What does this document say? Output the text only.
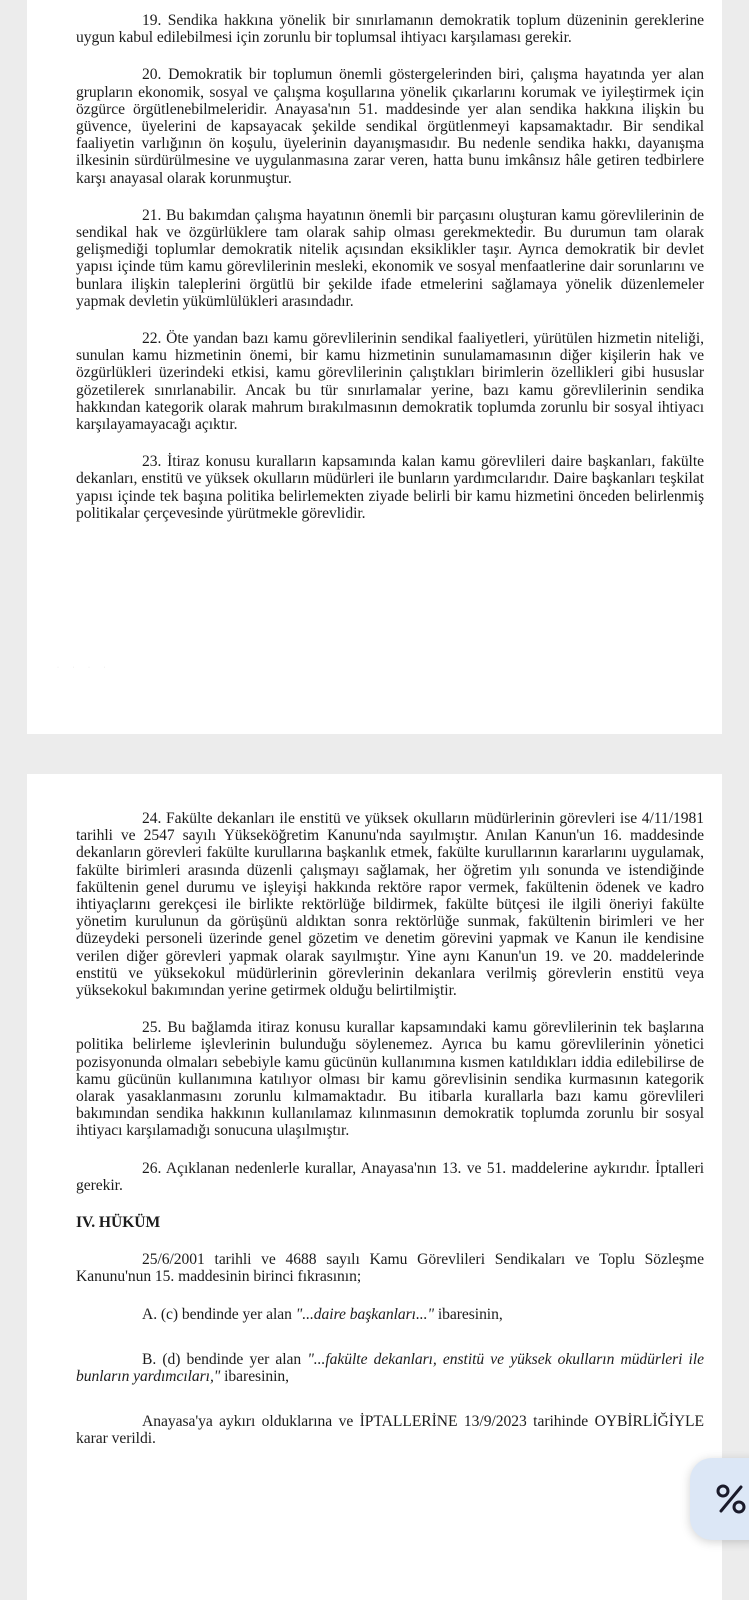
19. Sendika hakkına yönelik bir sınırlamanın demokratik toplum düzeninin gereklerine uygun kabul edilebilmesi için zorunlu bir toplumsal ihtiyacı karşılaması gerekir.

20. Demokratik bir toplumun önemli göstergelerinden biri, çalışma hayatında yer alan grupların ekonomik, sosyal ve çalışma koşullarına yönelik çıkarlarını korumak ve iyileştirmek için özgürce örgütlenebilmeleridir. Anayasa'nın 51. maddesinde yer alan sendika hakkına ilişkin bu güvence, üyelerini de kapsayacak şekilde sendikal örgütlenmeyi kapsamaktadır. Bir sendikal faaliyetin varlığının ön koşulu, üyelerinin dayanışmasıdır. Bu nedenle sendika hakkı, dayanışma ilkesinin sürdürülmesine ve uygulanmasına zarar veren, hatta bunu imkânsız hâle getiren tedbirlere karşı anayasal olarak korunmuştur.

21. Bu bakımdan çalışma hayatının önemli bir parçasını oluşturan kamu görevlilerinin de sendikal hak ve özgürlüklere tam olarak sahip olması gerekmektedir. Bu durumun tam olarak gelişmediği toplumlar demokratik nitelik açısından eksiklikler taşır. Ayrıca demokratik bir devlet yapısı içinde tüm kamu görevlilerinin mesleki, ekonomik ve sosyal menfaatlerine dair sorunlarını ve bunlara ilişkin taleplerini örgütlü bir şekilde ifade etmelerini sağlamaya yönelik düzenlemeler yapmak devletin yükümlülükleri arasındadır.

22. Öte yandan bazı kamu görevlilerinin sendikal faaliyetleri, yürütülen hizmetin niteliği, sunulan kamu hizmetinin önemi, bir kamu hizmetinin sunulamamasının diğer kişilerin hak ve özgürlükleri üzerindeki etkisi, kamu görevlilerinin çalıştıkları birimlerin özellikleri gibi hususlar gözetilerek sınırlanabilir. Ancak bu tür sınırlamalar yerine, bazı kamu görevlilerinin sendika hakkından kategorik olarak mahrum bırakılmasının demokratik toplumda zorunlu bir sosyal ihtiyacı karşılayamayacağı açıktır.

23. İtiraz konusu kuralların kapsamında kalan kamu görevlileri daire başkanları, fakülte dekanları, enstitü ve yüksek okulların müdürleri ile bunların yardımcılarıdır. Daire başkanları teşkilat yapısı içinde tek başına politika belirlemekten ziyade belirli bir kamu hizmetini önceden belirlenmiş politikalar çerçevesinde yürütmekle görevlidir.

· · · ·

24. Fakülte dekanları ile enstitü ve yüksek okulların müdürlerinin görevleri ise 4/11/1981 tarihli ve 2547 sayılı Yükseköğretim Kanunu'nda sayılmıştır. Anılan Kanun'un 16. maddesinde dekanların görevleri fakülte kurullarına başkanlık etmek, fakülte kurullarının kararlarını uygulamak, fakülte birimleri arasında düzenli çalışmayı sağlamak, her öğretim yılı sonunda ve istendiğinde fakültenin genel durumu ve işleyişi hakkında rektöre rapor vermek, fakültenin ödenek ve kadro ihtiyaçlarını gerekçesi ile birlikte rektörlüğe bildirmek, fakülte bütçesi ile ilgili öneriyi fakülte yönetim kurulunun da görüşünü aldıktan sonra rektörlüğe sunmak, fakültenin birimleri ve her düzeydeki personeli üzerinde genel gözetim ve denetim görevini yapmak ve Kanun ile kendisine verilen diğer görevleri yapmak olarak sayılmıştır. Yine aynı Kanun'un 19. ve 20. maddelerinde enstitü ve yüksekokul müdürlerinin görevlerinin dekanlara verilmiş görevlerin enstitü veya yüksekokul bakımından yerine getirmek olduğu belirtilmiştir.

25. Bu bağlamda itiraz konusu kurallar kapsamındaki kamu görevlilerinin tek başlarına politika belirleme işlevlerinin bulunduğu söylenemez. Ayrıca bu kamu görevlilerinin yönetici pozisyonunda olmaları sebebiyle kamu gücünün kullanımına kısmen katıldıkları iddia edilebilirse de kamu gücünün kullanımına katılıyor olması bir kamu görevlisinin sendika kurmasının kategorik olarak yasaklanmasını zorunlu kılmamaktadır. Bu itibarla kurallarla bazı kamu görevlileri bakımından sendika hakkının kullanılamaz kılınmasının demokratik toplumda zorunlu bir sosyal ihtiyacı karşılamadığı sonucuna ulaşılmıştır.

26. Açıklanan nedenlerle kurallar, Anayasa'nın 13. ve 51. maddelerine aykırıdır. İptalleri gerekir.

IV. HÜKÜM

25/6/2001 tarihli ve 4688 sayılı Kamu Görevlileri Sendikaları ve Toplu Sözleşme Kanunu'nun 15. maddesinin birinci fıkrasının;

A. (c) bendinde yer alan "...daire başkanları..." ibaresinin,

B. (d) bendinde yer alan "...fakülte dekanları, enstitü ve yüksek okulların müdürleri ile bunların yardımcıları," ibaresinin,

Anayasa'ya aykırı olduklarına ve İPTALLERİNE 13/9/2023 tarihinde OYBİRLİĞİYLE karar verildi.
